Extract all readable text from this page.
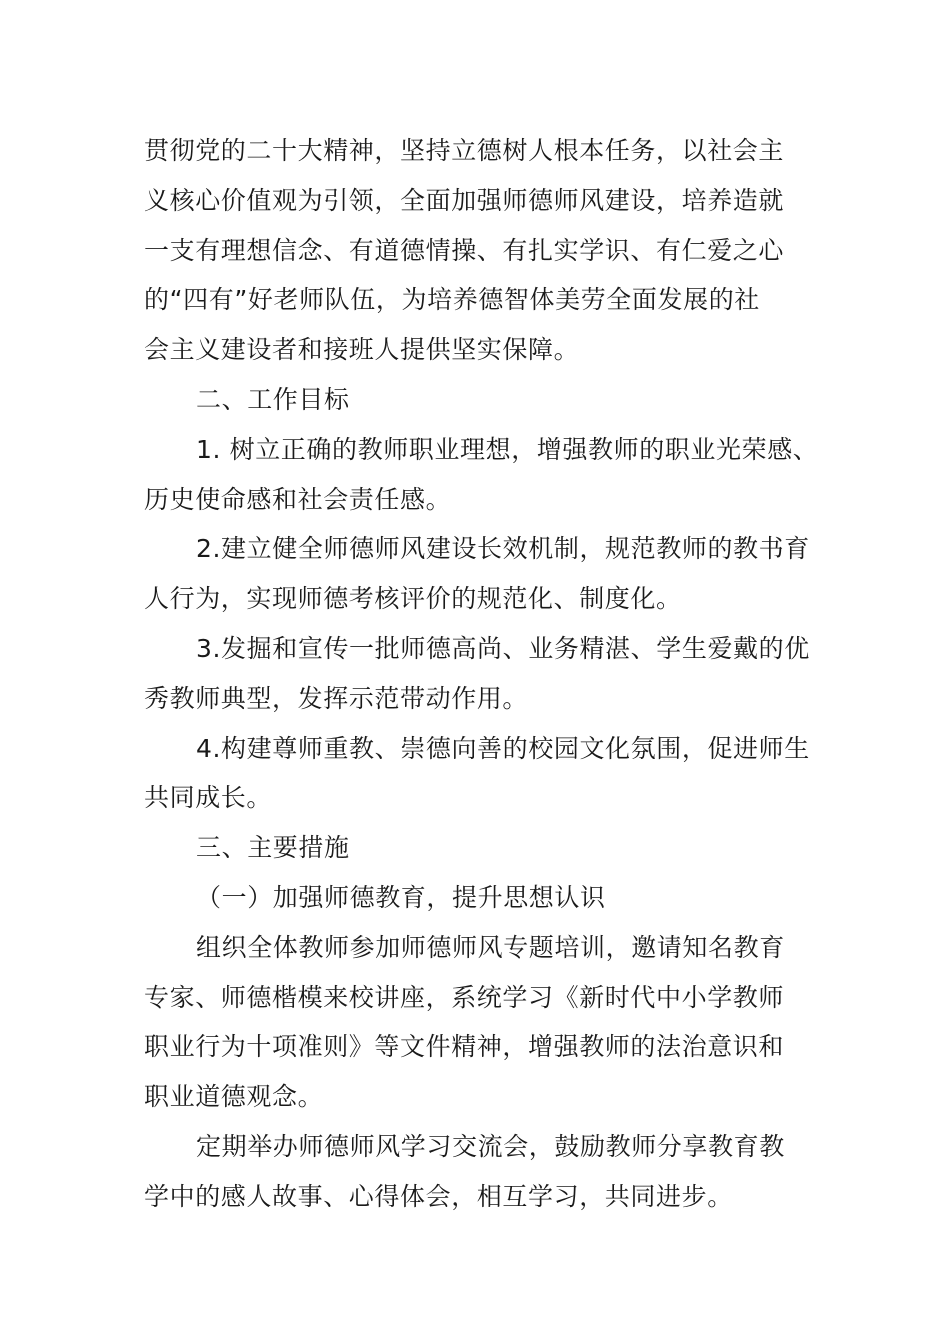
贯彻党的二十大精神，坚持立德树人根本任务，以社会主
义核心价值观为引领，全面加强师德师风建设，培养造就
一支有理想信念、有道德情操、有扎实学识、有仁爱之心
的“四有”好老师队伍，为培养德智体美劳全面发展的社
会主义建设者和接班人提供坚实保障。
二、工作目标
1. 树立正确的教师职业理想，增强教师的职业光荣感、
历史使命感和社会责任感。
2.建立健全师德师风建设长效机制，规范教师的教书育
人行为，实现师德考核评价的规范化、制度化。
3.发掘和宣传一批师德高尚、业务精湛、学生爱戴的优
秀教师典型，发挥示范带动作用。
4.构建尊师重教、崇德向善的校园文化氛围，促进师生
共同成长。
三、主要措施
（一）加强师德教育，提升思想认识
组织全体教师参加师德师风专题培训，邀请知名教育
专家、师德楷模来校讲座，系统学习《新时代中小学教师
职业行为十项准则》等文件精神，增强教师的法治意识和
职业道德观念。
定期举办师德师风学习交流会，鼓励教师分享教育教
学中的感人故事、心得体会，相互学习，共同进步。
